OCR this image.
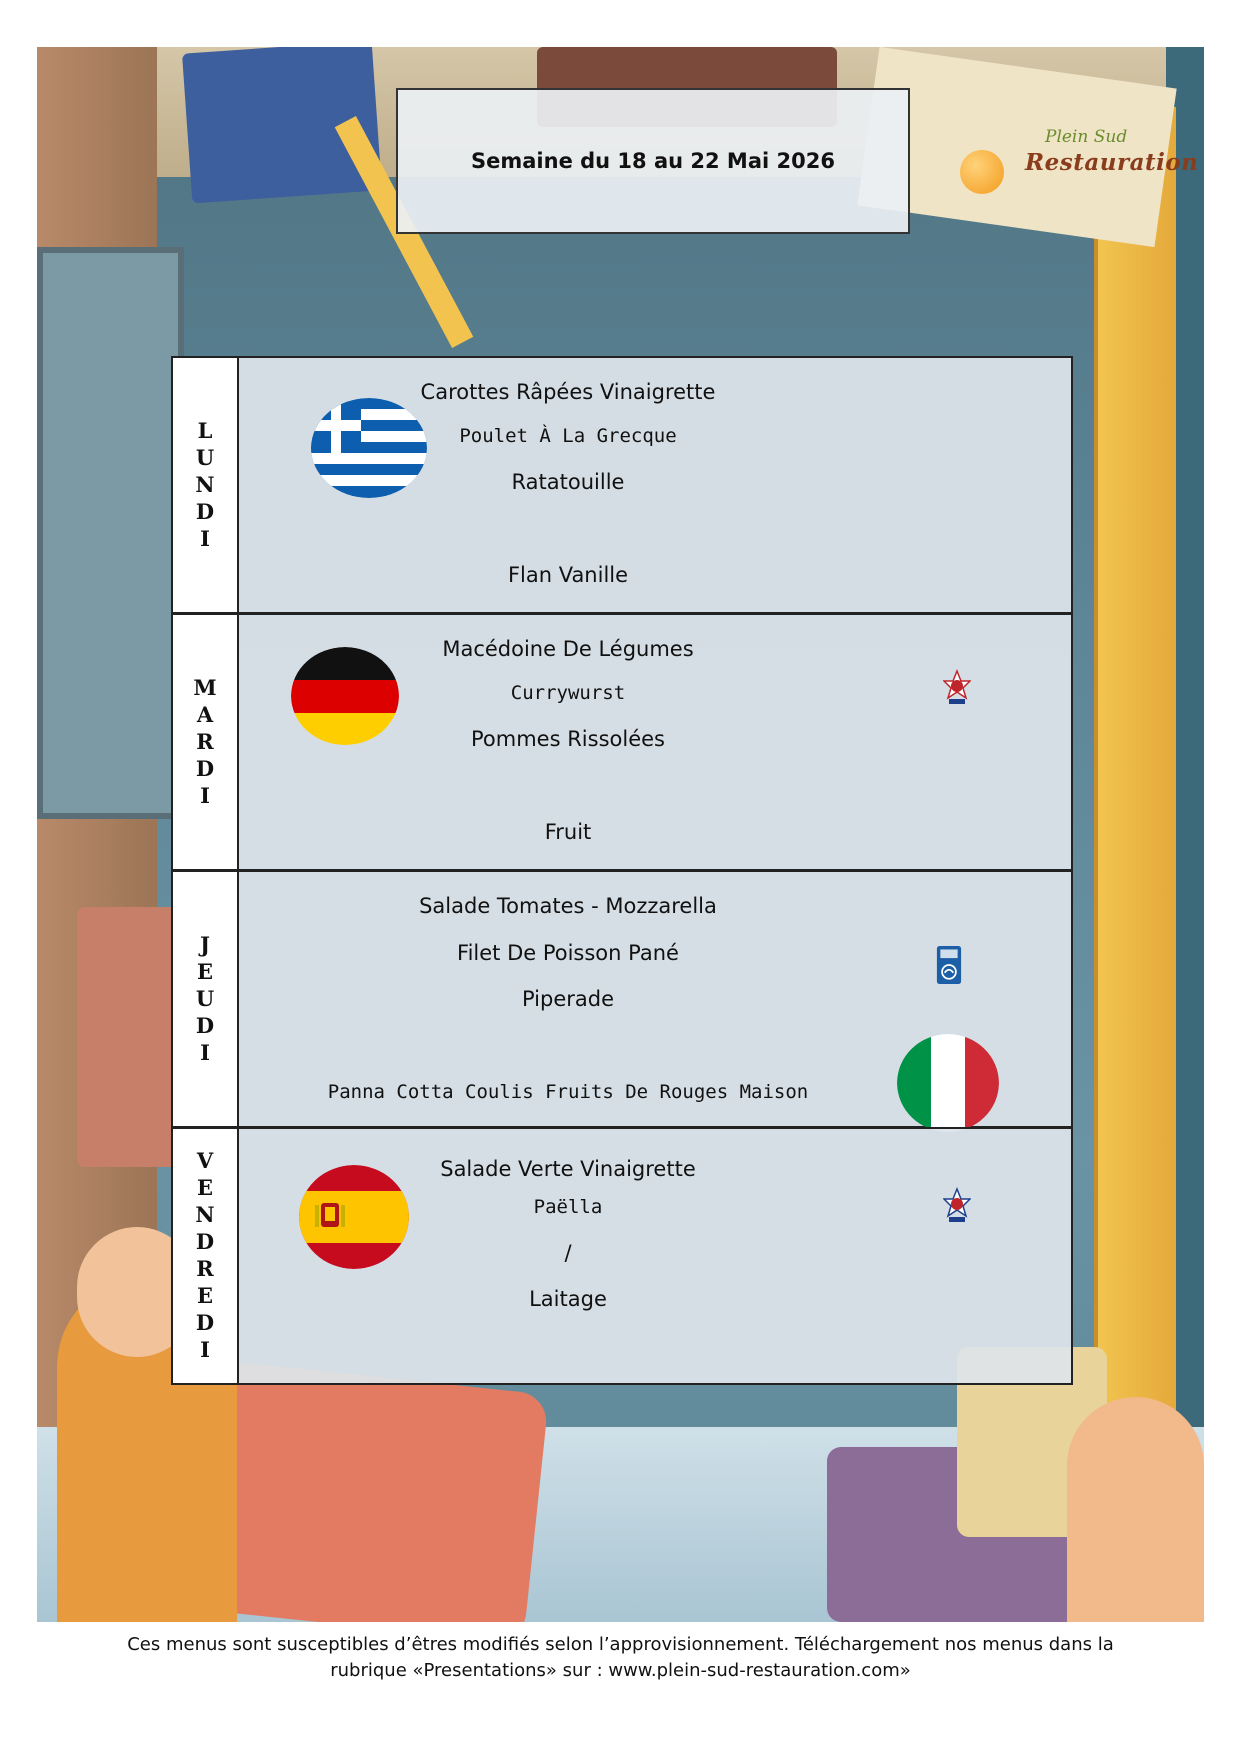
Semaine du 18 au 22 Mai 2026
Plein Sud
Restauration
LUNDI
Carottes Râpées Vinaigrette
Poulet À La Grecque
Ratatouille
Flan Vanille
MARDI
Macédoine De Légumes
Currywurst
Pommes Rissolées
Fruit
JEUDI
Salade Tomates - Mozzarella
Filet De Poisson Pané
Piperade
Panna Cotta Coulis Fruits De Rouges Maison
VENDREDI	Salade Verte Vinaigrette
Paëlla
/
Laitage
Ces menus sont susceptibles d’êtres modifiés selon l’approvisionnement. Téléchargement nos menus dans la
rubrique «Presentations» sur : www.plein-sud-restauration.com»
